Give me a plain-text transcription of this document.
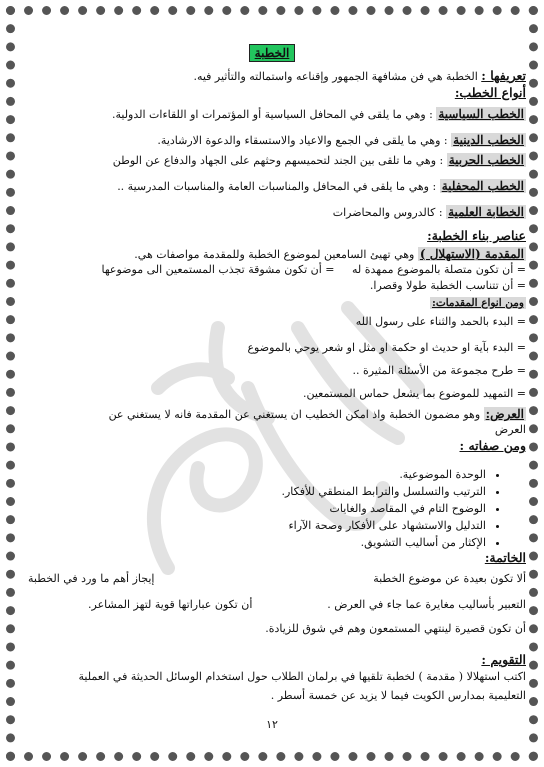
الخطبة
تعريفها : الخطبة هي فن مشافهة الجمهور وإقناعه واستمالته والتأثير فيه.
أنواع الخطب:
الخطب السياسية : وهي ما يلقى في المحافل السياسية أو المؤتمرات او اللقاءات الدولية.
الخطب الدينية : وهي ما يلقى في الجمع والاعياد والاستسقاء والدعوة الارشادية.
الخطب الحربية : وهي ما تلقى بين الجند لتحميسهم وحثهم على الجهاد والدفاع عن الوطن
الخطب المحفلية : وهي ما يلقى في المحافل والمناسبات العامة والمناسبات المدرسية ..
الخطابة العلمية : كالدروس والمحاضرات
عناصر بناء الخطبة:
المقدمة (الاستهلال ) وهي تهيئ السامعين لموضوع الخطبة وللمقدمة مواصفات هي.
= أن تكون متصلة بالموضوع ممهدة له     = أن تكون مشوقة تجذب المستمعين الى موضوعها
= أن تتناسب الخطبة طولا وقصرا.
ومن انواع المقدمات:
= البدء بالحمد والثناء على رسول الله
= البدء بآية او حديث او حكمة او مثل او شعر يوحي بالموضوع
= طرح مجموعة من الأسئلة المثيرة ..
= التمهيد للموضوع بما يشعل حماس المستمعين.
العرض: وهو مضمون الخطبة واذ امكن الخطيب ان يستغني عن المقدمة فانه لا يستغني عن
العرض
ومن صفاته :
• الوحدة الموضوعية.
• الترتيب والتسلسل والترابط المنطقي للأفكار.
• الوضوح التام في المقاصد والغايات
• التدليل والاستشهاد على الأفكار وصحة الآراء
• الإكثار من أساليب التشويق.
الخاتمة:
ألا تكون بعيدة عن موضوع الخطبة
إيجاز أهم ما ورد في الخطبة
التعبير بأساليب مغايرة عما جاء في العرض .
أن تكون عباراتها قوية لتهز المشاعر.
أن تكون قصيرة لينتهي المستمعون وهم في شوق للزيادة.
التقويم :
اكتب استهلالا ( مقدمة ) لخطبة تلقيها في برلمان الطلاب حول استخدام الوسائل الحديثة في العملية
التعليمية بمدارس الكويت فيما لا يزيد عن خمسة أسطر .
١٢
